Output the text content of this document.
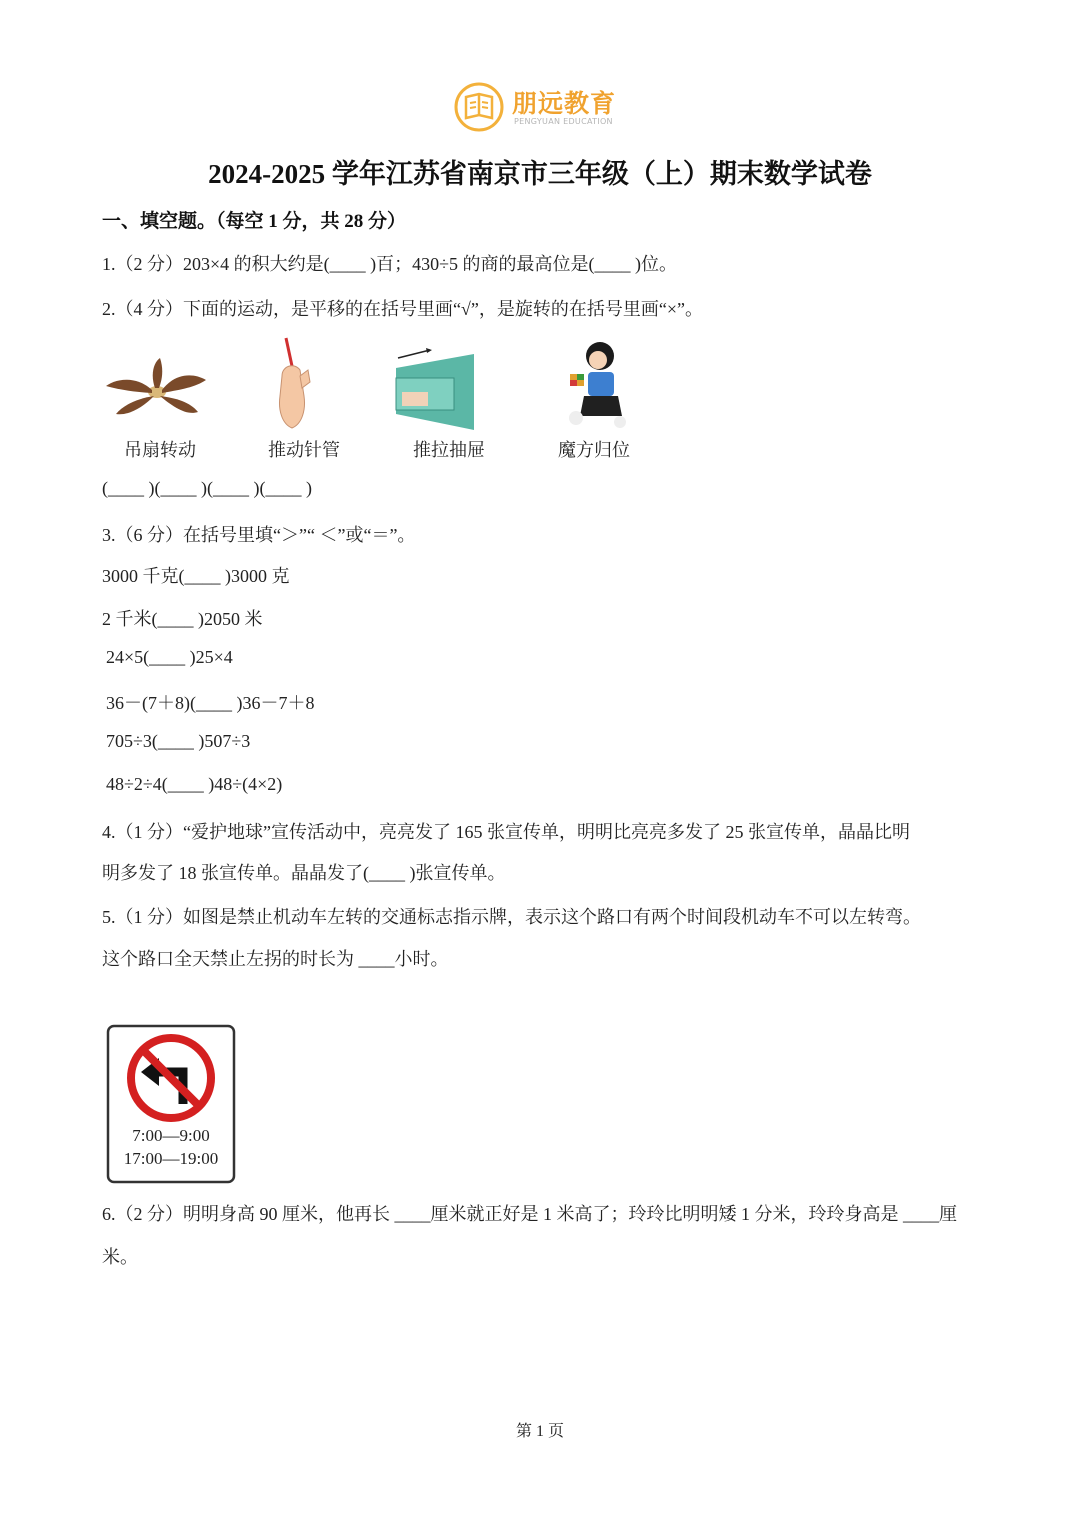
朋远教育
PENGYUAN EDUCATION
2024-2025 学年江苏省南京市三年级（上）期末数学试卷
一、填空题。（每空 1 分，共 28 分）
1.（2 分）203×4 的积大约是(____ )百；430÷5 的商的最高位是(____ )位。
2.（4 分）下面的运动，是平移的在括号里画“√”，是旋转的在括号里画“×”。
吊扇转动	推动针管	推拉抽屉	魔方归位
(____ )(____ )(____ )(____ )
3.（6 分）在括号里填“＞”“ ＜”或“＝”。
3000 千克(____ )3000 克
2 千米(____ )2050 米
24×5(____ )25×4
36－(7＋8)(____ )36－7＋8
705÷3(____ )507÷3
48÷2÷4(____ )48÷(4×2)
4.（1 分）“爱护地球”宣传活动中，亮亮发了 165 张宣传单，明明比亮亮多发了 25 张宣传单，晶晶比明
明多发了 18 张宣传单。晶晶发了(____ )张宣传单。
5.（1 分）如图是禁止机动车左转的交通标志指示牌，表示这个路口有两个时间段机动车不可以左转弯。
这个路口全天禁止左拐的时长为 ____小时。
7:00—9:00
17:00—19:00
6.（2 分）明明身高 90 厘米，他再长 ____厘米就正好是 1 米高了；玲玲比明明矮 1 分米，玲玲身高是 ____厘
米。
第 1 页
